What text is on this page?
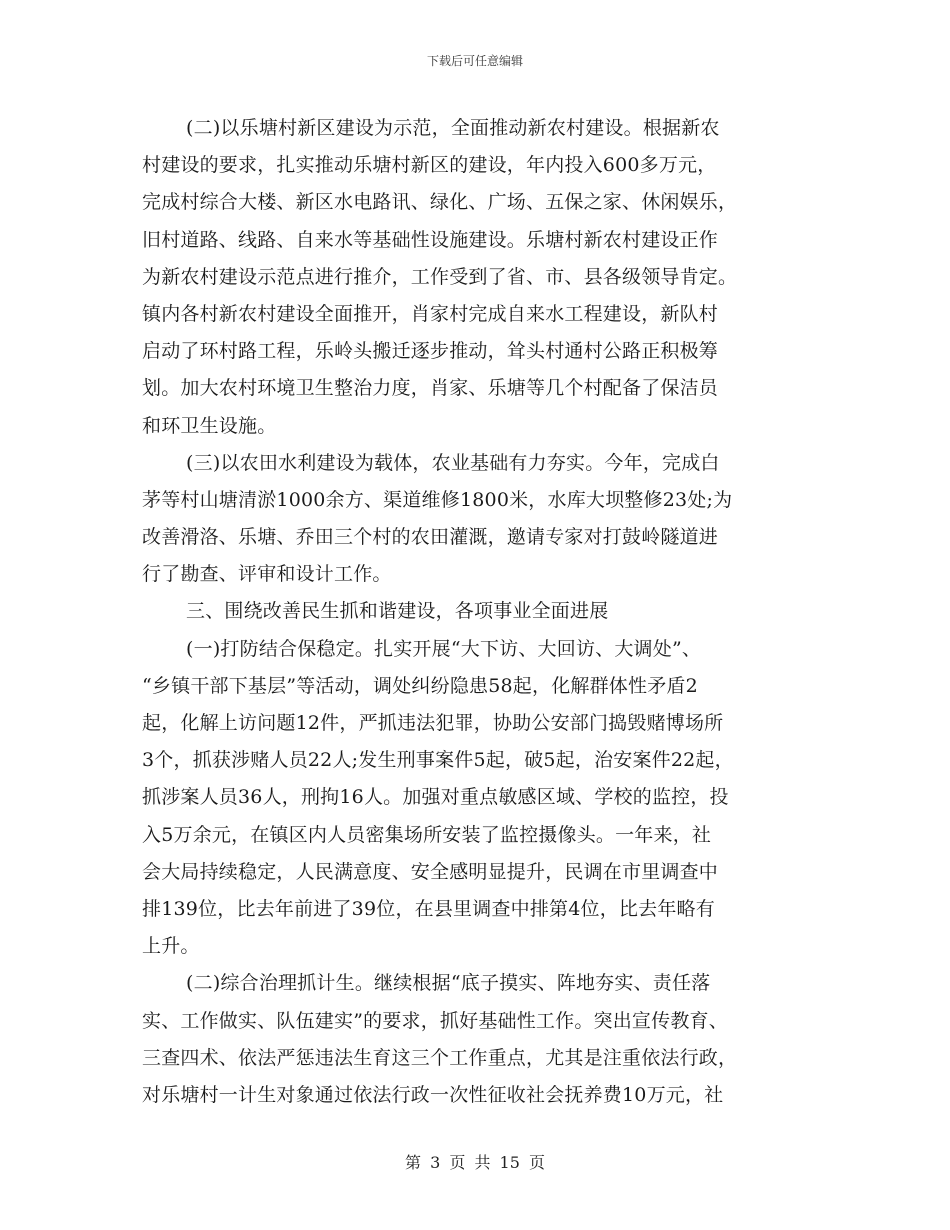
下载后可任意编辑
(二)以乐塘村新区建设为示范，全面推动新农村建设。根据新农
村建设的要求，扎实推动乐塘村新区的建设，年内投入600多万元，
完成村综合大楼、新区水电路讯、绿化、广场、五保之家、休闲娱乐，
旧村道路、线路、自来水等基础性设施建设。乐塘村新农村建设正作
为新农村建设示范点进行推介，工作受到了省、市、县各级领导肯定。
镇内各村新农村建设全面推开，肖家村完成自来水工程建设，新队村
启动了环村路工程，乐岭头搬迁逐步推动，耸头村通村公路正积极筹
划。加大农村环境卫生整治力度，肖家、乐塘等几个村配备了保洁员
和环卫生设施。
(三)以农田水利建设为载体，农业基础有力夯实。今年，完成白
茅等村山塘清淤1000余方、渠道维修1800米，水库大坝整修23处;为
改善滑洛、乐塘、乔田三个村的农田灌溉，邀请专家对打鼓岭隧道进
行了勘查、评审和设计工作。
三、围绕改善民生抓和谐建设，各项事业全面进展
(一)打防结合保稳定。扎实开展“大下访、大回访、大调处”、
“乡镇干部下基层”等活动，调处纠纷隐患58起，化解群体性矛盾2
起，化解上访问题12件，严抓违法犯罪，协助公安部门捣毁赌博场所
3个，抓获涉赌人员22人;发生刑事案件5起，破5起，治安案件22起，
抓涉案人员36人，刑拘16人。加强对重点敏感区域、学校的监控，投
入5万余元，在镇区内人员密集场所安装了监控摄像头。一年来，社
会大局持续稳定，人民满意度、安全感明显提升，民调在市里调查中
排139位，比去年前进了39位，在县里调查中排第4位，比去年略有
上升。
(二)综合治理抓计生。继续根据“底子摸实、阵地夯实、责任落
实、工作做实、队伍建实”的要求，抓好基础性工作。突出宣传教育、
三查四术、依法严惩违法生育这三个工作重点，尤其是注重依法行政，
对乐塘村一计生对象通过依法行政一次性征收社会抚养费10万元，社
第 3 页 共 15 页
